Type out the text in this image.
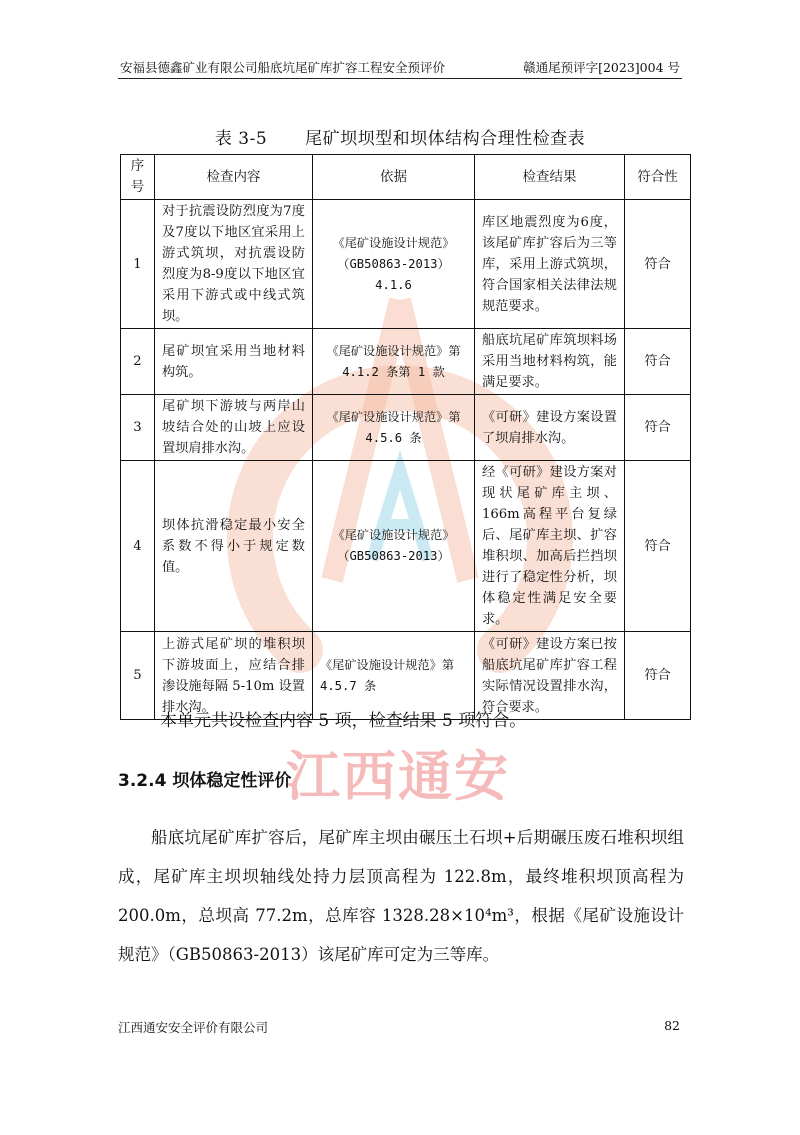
江西通安
安福县德鑫矿业有限公司船底坑尾矿库扩容工程安全预评价	赣通尾预评字[2023]004 号
表 3-5 尾矿坝坝型和坝体结构合理性检查表
序号	检查内容	依据	检查结果	符合性
1	对于抗震设防烈度为7度及7度以下地区宜采用上游式筑坝，对抗震设防烈度为8-9度以下地区宜采用下游式或中线式筑坝。	《尾矿设施设计规范》（GB50863-2013）4.1.6	库区地震烈度为6度，该尾矿库扩容后为三等库，采用上游式筑坝，符合国家相关法律法规规范要求。	符合
2	尾矿坝宜采用当地材料构筑。	《尾矿设施设计规范》第 4.1.2 条第 1 款	船底坑尾矿库筑坝料场采用当地材料构筑，能满足要求。	符合
3	尾矿坝下游坡与两岸山坡结合处的山坡上应设置坝肩排水沟。	《尾矿设施设计规范》第 4.5.6 条	《可研》建设方案设置了坝肩排水沟。	符合
4	坝体抗滑稳定最小安全系数不得小于规定数值。	《尾矿设施设计规范》（GB50863-2013）	经《可研》建设方案对现状尾矿库主坝、166m高程平台复绿后、尾矿库主坝、扩容堆积坝、加高后拦挡坝进行了稳定性分析，坝体稳定性满足安全要求。	符合
5	上游式尾矿坝的堆积坝下游坡面上，应结合排渗设施每隔 5-10m 设置排水沟。	《尾矿设施设计规范》第 4.5.7 条	《可研》建设方案已按船底坑尾矿库扩容工程实际情况设置排水沟，符合要求。	符合
本单元共设检查内容 5 项，检查结果 5 项符合。
3.2.4 坝体稳定性评价

船底坑尾矿库扩容后，尾矿库主坝由碾压土石坝+后期碾压废石堆积坝组成，尾矿库主坝坝轴线处持力层顶高程为 122.8m，最终堆积坝顶高程为 200.0m，总坝高 77.2m，总库容 1328.28×10⁴m³，根据《尾矿设施设计规范》（GB50863-2013）该尾矿库可定为三等库。

江西通安安全评价有限公司	82
